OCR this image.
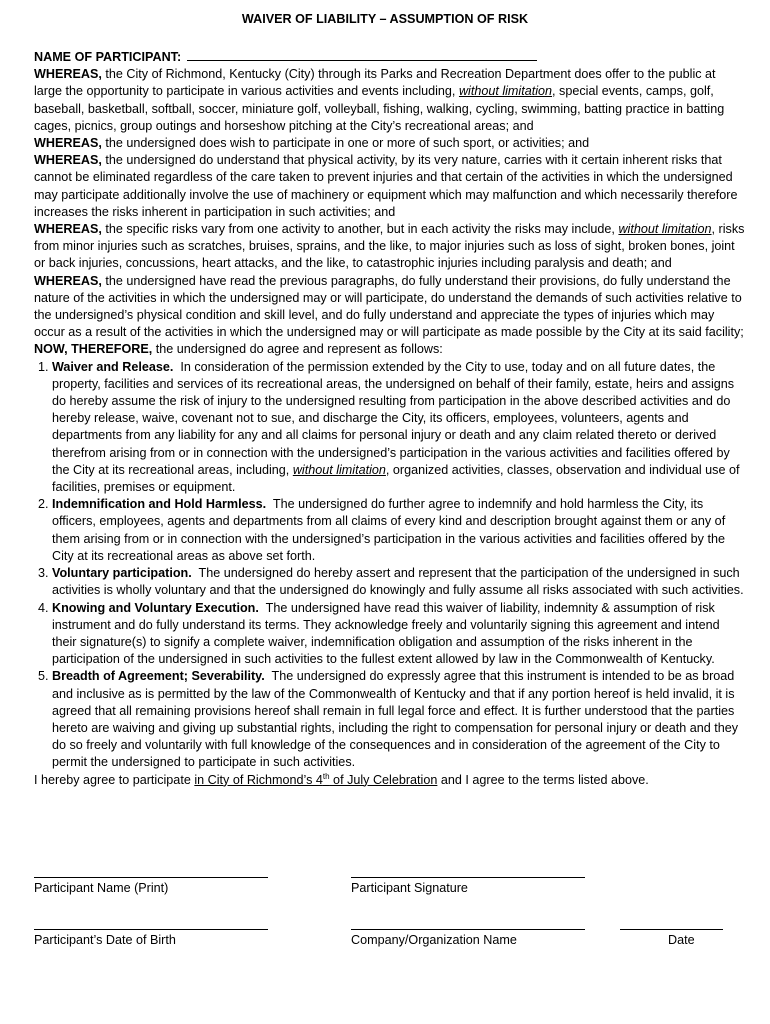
WAIVER OF LIABILITY – ASSUMPTION OF RISK

NAME OF PARTICIPANT:

WHEREAS, the City of Richmond, Kentucky (City) through its Parks and Recreation Department does offer to the public at large the opportunity to participate in various activities and events including, without limitation, special events, camps, golf, baseball, basketball, softball, soccer, miniature golf, volleyball, fishing, walking, cycling, swimming, batting practice in batting cages, picnics, group outings and horseshow pitching at the City’s recreational areas; and

WHEREAS, the undersigned does wish to participate in one or more of such sport, or activities; and

WHEREAS, the undersigned do understand that physical activity, by its very nature, carries with it certain inherent risks that cannot be eliminated regardless of the care taken to prevent injuries and that certain of the activities in which the undersigned may participate additionally involve the use of machinery or equipment which may malfunction and which necessarily therefore increases the risks inherent in participation in such activities; and

WHEREAS, the specific risks vary from one activity to another, but in each activity the risks may include, without limitation, risks from minor injuries such as scratches, bruises, sprains, and the like, to major injuries such as loss of sight, broken bones, joint or back injuries, concussions, heart attacks, and the like, to catastrophic injuries including paralysis and death; and

WHEREAS, the undersigned have read the previous paragraphs, do fully understand their provisions, do fully understand the nature of the activities in which the undersigned may or will participate, do understand the demands of such activities relative to the undersigned’s physical condition and skill level, and do fully understand and appreciate the types of injuries which may occur as a result of the activities in which the undersigned may or will participate as made possible by the City at its said facility;

NOW, THEREFORE, the undersigned do agree and represent as follows:

1. Waiver and Release. In consideration of the permission extended by the City to use, today and on all future dates, the property, facilities and services of its recreational areas, the undersigned on behalf of their family, estate, heirs and assigns do hereby assume the risk of injury to the undersigned resulting from participation in the above described activities and do hereby release, waive, covenant not to sue, and discharge the City, its officers, employees, volunteers, agents and departments from any liability for any and all claims for personal injury or death and any claim related thereto or derived therefrom arising from or in connection with the undersigned’s participation in the various activities and facilities offered by the City at its recreational areas, including, without limitation, organized activities, classes, observation and individual use of facilities, premises or equipment.
2. Indemnification and Hold Harmless. The undersigned do further agree to indemnify and hold harmless the City, its officers, employees, agents and departments from all claims of every kind and description brought against them or any of them arising from or in connection with the undersigned’s participation in the various activities and facilities offered by the City at its recreational areas as above set forth.
3. Voluntary participation. The undersigned do hereby assert and represent that the participation of the undersigned in such activities is wholly voluntary and that the undersigned do knowingly and fully assume all risks associated with such activities.
4. Knowing and Voluntary Execution. The undersigned have read this waiver of liability, indemnity & assumption of risk instrument and do fully understand its terms. They acknowledge freely and voluntarily signing this agreement and intend their signature(s) to signify a complete waiver, indemnification obligation and assumption of the risks inherent in the participation of the undersigned in such activities to the fullest extent allowed by law in the Commonwealth of Kentucky.
5. Breadth of Agreement; Severability. The undersigned do expressly agree that this instrument is intended to be as broad and inclusive as is permitted by the law of the Commonwealth of Kentucky and that if any portion hereof is held invalid, it is agreed that all remaining provisions hereof shall remain in full legal force and effect. It is further understood that the parties hereto are waiving and giving up substantial rights, including the right to compensation for personal injury or death and they do so freely and voluntarily with full knowledge of the consequences and in consideration of the agreement of the City to permit the undersigned to participate in such activities.

I hereby agree to participate in City of Richmond’s 4th of July Celebration and I agree to the terms listed above.

Participant Name (Print)	Participant Signature
Participant’s Date of Birth	Company/Organization Name	Date
